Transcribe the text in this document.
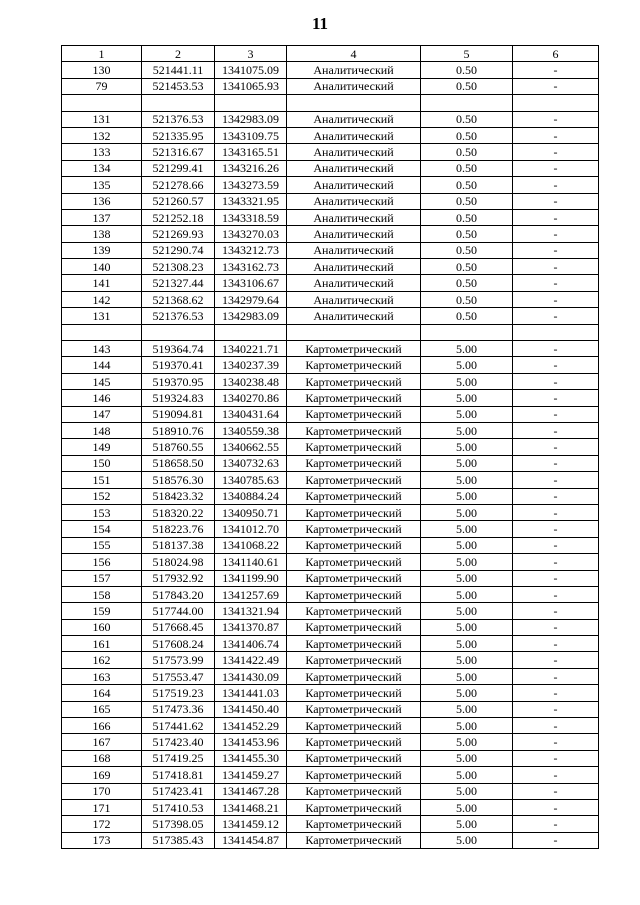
11
1	2	3	4	5	6
130	521441.11	1341075.09	Аналитический	0.50	-
79	521453.53	1341065.93	Аналитический	0.50	-

131	521376.53	1342983.09	Аналитический	0.50	-
132	521335.95	1343109.75	Аналитический	0.50	-
133	521316.67	1343165.51	Аналитический	0.50	-
134	521299.41	1343216.26	Аналитический	0.50	-
135	521278.66	1343273.59	Аналитический	0.50	-
136	521260.57	1343321.95	Аналитический	0.50	-
137	521252.18	1343318.59	Аналитический	0.50	-
138	521269.93	1343270.03	Аналитический	0.50	-
139	521290.74	1343212.73	Аналитический	0.50	-
140	521308.23	1343162.73	Аналитический	0.50	-
141	521327.44	1343106.67	Аналитический	0.50	-
142	521368.62	1342979.64	Аналитический	0.50	-
131	521376.53	1342983.09	Аналитический	0.50	-

143	519364.74	1340221.71	Картометрический	5.00	-
144	519370.41	1340237.39	Картометрический	5.00	-
145	519370.95	1340238.48	Картометрический	5.00	-
146	519324.83	1340270.86	Картометрический	5.00	-
147	519094.81	1340431.64	Картометрический	5.00	-
148	518910.76	1340559.38	Картометрический	5.00	-
149	518760.55	1340662.55	Картометрический	5.00	-
150	518658.50	1340732.63	Картометрический	5.00	-
151	518576.30	1340785.63	Картометрический	5.00	-
152	518423.32	1340884.24	Картометрический	5.00	-
153	518320.22	1340950.71	Картометрический	5.00	-
154	518223.76	1341012.70	Картометрический	5.00	-
155	518137.38	1341068.22	Картометрический	5.00	-
156	518024.98	1341140.61	Картометрический	5.00	-
157	517932.92	1341199.90	Картометрический	5.00	-
158	517843.20	1341257.69	Картометрический	5.00	-
159	517744.00	1341321.94	Картометрический	5.00	-
160	517668.45	1341370.87	Картометрический	5.00	-
161	517608.24	1341406.74	Картометрический	5.00	-
162	517573.99	1341422.49	Картометрический	5.00	-
163	517553.47	1341430.09	Картометрический	5.00	-
164	517519.23	1341441.03	Картометрический	5.00	-
165	517473.36	1341450.40	Картометрический	5.00	-
166	517441.62	1341452.29	Картометрический	5.00	-
167	517423.40	1341453.96	Картометрический	5.00	-
168	517419.25	1341455.30	Картометрический	5.00	-
169	517418.81	1341459.27	Картометрический	5.00	-
170	517423.41	1341467.28	Картометрический	5.00	-
171	517410.53	1341468.21	Картометрический	5.00	-
172	517398.05	1341459.12	Картометрический	5.00	-
173	517385.43	1341454.87	Картометрический	5.00	-
